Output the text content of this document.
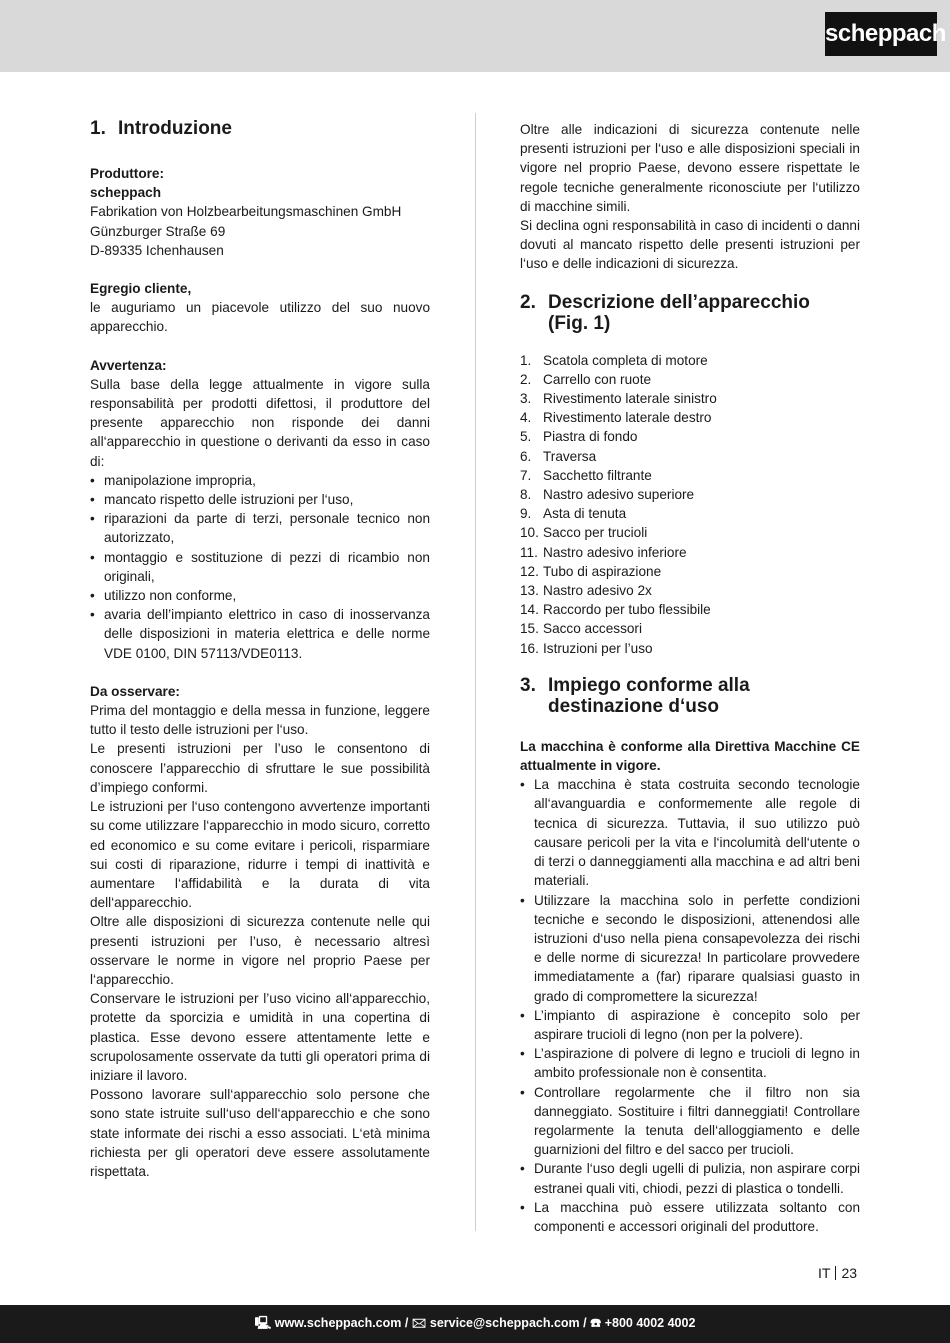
scheppach
1. Introduzione
Produttore:
scheppach
Fabrikation von Holzbearbeitungsmaschinen GmbH
Günzburger Straße 69
D-89335 Ichenhausen
Egregio cliente,

le auguriamo un piacevole utilizzo del suo nuovo apparecchio.

Avvertenza:

Sulla base della legge attualmente in vigore sulla responsabilità per prodotti difettosi, il produttore del presente apparecchio non risponde dei danni all‘apparecchio in questione o derivanti da esso in caso di:

• manipolazione impropria,
• mancato rispetto delle istruzioni per l‘uso,
• riparazioni da parte di terzi, personale tecnico non autorizzato,
• montaggio e sostituzione di pezzi di ricambio non originali,
• utilizzo non conforme,
• avaria dell’impianto elettrico in caso di inosservanza delle disposizioni in materia elettrica e delle norme VDE 0100, DIN 57113/VDE0113.
Da osservare:

Prima del montaggio e della messa in funzione, leggere tutto il testo delle istruzioni per l‘uso.

Le presenti istruzioni per l’uso le consentono di conoscere l’apparecchio di sfruttare le sue possibilità d’impiego conformi.

Le istruzioni per l‘uso contengono avvertenze importanti su come utilizzare l‘apparecchio in modo sicuro, corretto ed economico e su come evitare i pericoli, risparmiare sui costi di riparazione, ridurre i tempi di inattività e aumentare l‘affidabilità e la durata di vita dell‘apparecchio.

Oltre alle disposizioni di sicurezza contenute nelle qui presenti istruzioni per l’uso, è necessario altresì osservare le norme in vigore nel proprio Paese per l‘apparecchio.

Conservare le istruzioni per l’uso vicino all‘apparecchio, protette da sporcizia e umidità in una copertina di plastica. Esse devono essere attentamente lette e scrupolosamente osservate da tutti gli operatori prima di iniziare il lavoro.

Possono lavorare sull‘apparecchio solo persone che sono state istruite sull‘uso dell‘apparecchio e che sono state informate dei rischi a esso associati. L‘età minima richiesta per gli operatori deve essere assolutamente rispettata.

Oltre alle indicazioni di sicurezza contenute nelle presenti istruzioni per l‘uso e alle disposizioni speciali in vigore nel proprio Paese, devono essere rispettate le regole tecniche generalmente riconosciute per l‘utilizzo di macchine simili.

Si declina ogni responsabilità in caso di incidenti o danni dovuti al mancato rispetto delle presenti istruzioni per l‘uso e delle indicazioni di sicurezza.

2. Descrizione dell’apparecchio
(Fig. 1)
1. Scatola completa di motore
2. Carrello con ruote
3. Rivestimento laterale sinistro
4. Rivestimento laterale destro
5. Piastra di fondo
6. Traversa
7. Sacchetto filtrante
8. Nastro adesivo superiore
9. Asta di tenuta
10. Sacco per trucioli
11. Nastro adesivo inferiore
12. Tubo di aspirazione
13. Nastro adesivo 2x
14. Raccordo per tubo flessibile
15. Sacco accessori
16. Istruzioni per l’uso
3. Impiego conforme alla
destinazione d‘uso

La macchina è conforme alla Direttiva Macchine CE attualmente in vigore.

• La macchina è stata costruita secondo tecnologie all‘avanguardia e conformemente alle regole di tecnica di sicurezza. Tuttavia, il suo utilizzo può causare pericoli per la vita e l‘incolumità dell‘utente o di terzi o danneggiamenti alla macchina e ad altri beni materiali.
• Utilizzare la macchina solo in perfette condizioni tecniche e secondo le disposizioni, attenendosi alle istruzioni d‘uso nella piena consapevolezza dei rischi e delle norme di sicurezza! In particolare provvedere immediatamente a (far) riparare qualsiasi guasto in grado di compromettere la sicurezza!
• L’impianto di aspirazione è concepito solo per aspirare trucioli di legno (non per la polvere).
• L’aspirazione di polvere di legno e trucioli di legno in ambito professionale non è consentita.
• Controllare regolarmente che il filtro non sia danneggiato. Sostituire i filtri danneggiati! Controllare regolarmente la tenuta dell‘alloggiamento e delle guarnizioni del filtro e del sacco per trucioli.
• Durante l‘uso degli ugelli di pulizia, non aspirare corpi estranei quali viti, chiodi, pezzi di plastica o tondelli.
• La macchina può essere utilizzata soltanto con componenti e accessori originali del produttore.
IT 23
🖳 www.scheppach.com / 🖂 service@scheppach.com / ☎ +800 4002 4002
